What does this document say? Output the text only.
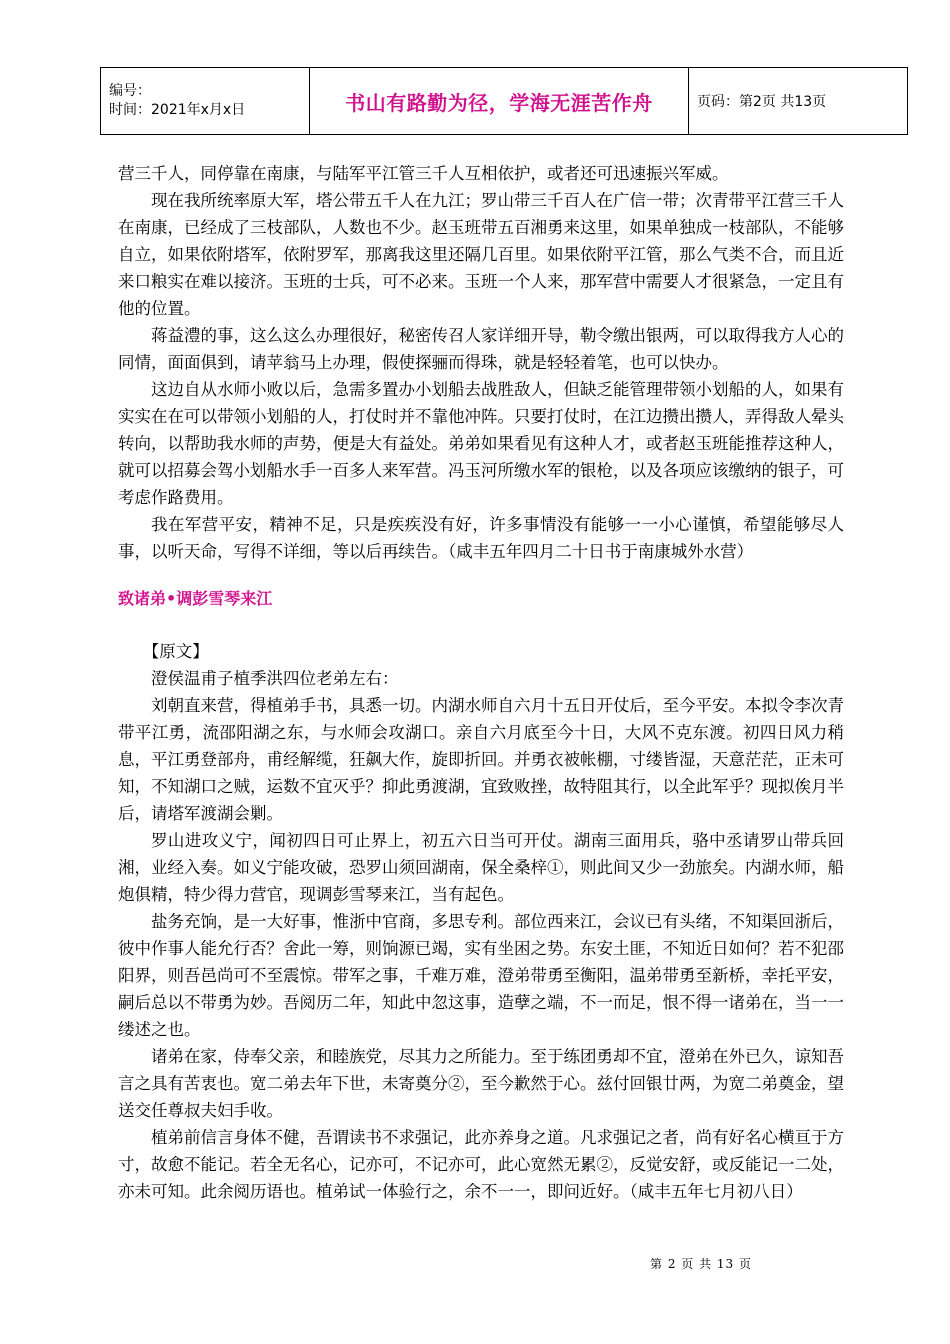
编号：
时间：2021年x月x日	书山有路勤为径，学海无涯苦作舟	页码：第2页 共13页

营三千人，同停靠在南康，与陆军平江管三千人互相依护，或者还可迅速振兴军威。

现在我所统率原大军，塔公带五千人在九江；罗山带三千百人在广信一带；次青带平江营三千人在南康，已经成了三枝部队，人数也不少。赵玉班带五百湘勇来这里，如果单独成一枝部队，不能够自立，如果依附塔军，依附罗军，那离我这里还隔几百里。如果依附平江管，那么气类不合，而且近来口粮实在难以接济。玉班的士兵，可不必来。玉班一个人来，那军营中需要人才很紧急，一定且有他的位置。

蒋益澧的事，这么这么办理很好，秘密传召人家详细开导，勒令缴出银两，可以取得我方人心的同情，面面俱到，请苹翁马上办理，假使探骊而得珠，就是轻轻着笔，也可以快办。

这边自从水师小败以后，急需多置办小划船去战胜敌人，但缺乏能管理带领小划船的人，如果有实实在在可以带领小划船的人，打仗时并不靠他冲阵。只要打仗时，在江边攒出攒人，弄得敌人晕头转向，以帮助我水师的声势，便是大有益处。弟弟如果看见有这种人才，或者赵玉班能推荐这种人，就可以招募会驾小划船水手一百多人来军营。冯玉河所缴水军的银枪，以及各项应该缴纳的银子，可考虑作路费用。

我在军营平安，精神不足，只是疾疾没有好，许多事情没有能够一一小心谨慎，希望能够尽人事，以听天命，写得不详细，等以后再续告。（咸丰五年四月二十日书于南康城外水营）

致诸弟•调彭雪琴来江

【原文】

澄侯温甫子植季洪四位老弟左右：

刘朝直来营，得植弟手书，具悉一切。内湖水师自六月十五日开仗后，至今平安。本拟令李次青带平江勇，流邵阳湖之东，与水师会攻湖口。亲自六月底至今十日，大风不克东渡。初四日风力稍息，平江勇登部舟，甫经解缆，狂飙大作，旋即折回。并勇衣被帐棚，寸缕皆湿，天意茫茫，正未可知，不知湖口之贼，运数不宜灭乎？抑此勇渡湖，宜致败挫，故特阻其行，以全此军乎？现拟俟月半后，请塔军渡湖会剿。

罗山进攻义宁，闻初四日可止界上，初五六日当可开仗。湖南三面用兵，骆中丞请罗山带兵回湘，业经入奏。如义宁能攻破，恐罗山须回湖南，保全桑梓①，则此间又少一劲旅矣。内湖水师，船炮俱精，特少得力营官，现调彭雪琴来江，当有起色。

盐务充饷，是一大好事，惟浙中官商，多思专利。部位西来江，会议已有头绪，不知渠回浙后，彼中作事人能允行否？舍此一筹，则饷源已竭，实有坐困之势。东安土匪，不知近日如何？若不犯邵阳界，则吾邑尚可不至震惊。带军之事，千难万难，澄弟带勇至衡阳，温弟带勇至新桥，幸托平安，嗣后总以不带勇为妙。吾阅历二年，知此中忽这事，造孽之端，不一而足，恨不得一诸弟在，当一一缕述之也。

诸弟在家，侍奉父亲，和睦族党，尽其力之所能力。至于练团勇却不宜，澄弟在外已久，谅知吾言之具有苦衷也。宽二弟去年下世，未寄奠分②，至今歉然于心。兹付回银廿两，为宽二弟奠金，望送交任尊叔夫妇手收。

植弟前信言身体不健，吾谓读书不求强记，此亦养身之道。凡求强记之者，尚有好名心横亘于方寸，故愈不能记。若全无名心，记亦可，不记亦可，此心宽然无累②，反觉安舒，或反能记一二处，亦未可知。此余阅历语也。植弟试一体验行之，余不一一，即问近好。（咸丰五年七月初八日）

第 2 页 共 13 页
